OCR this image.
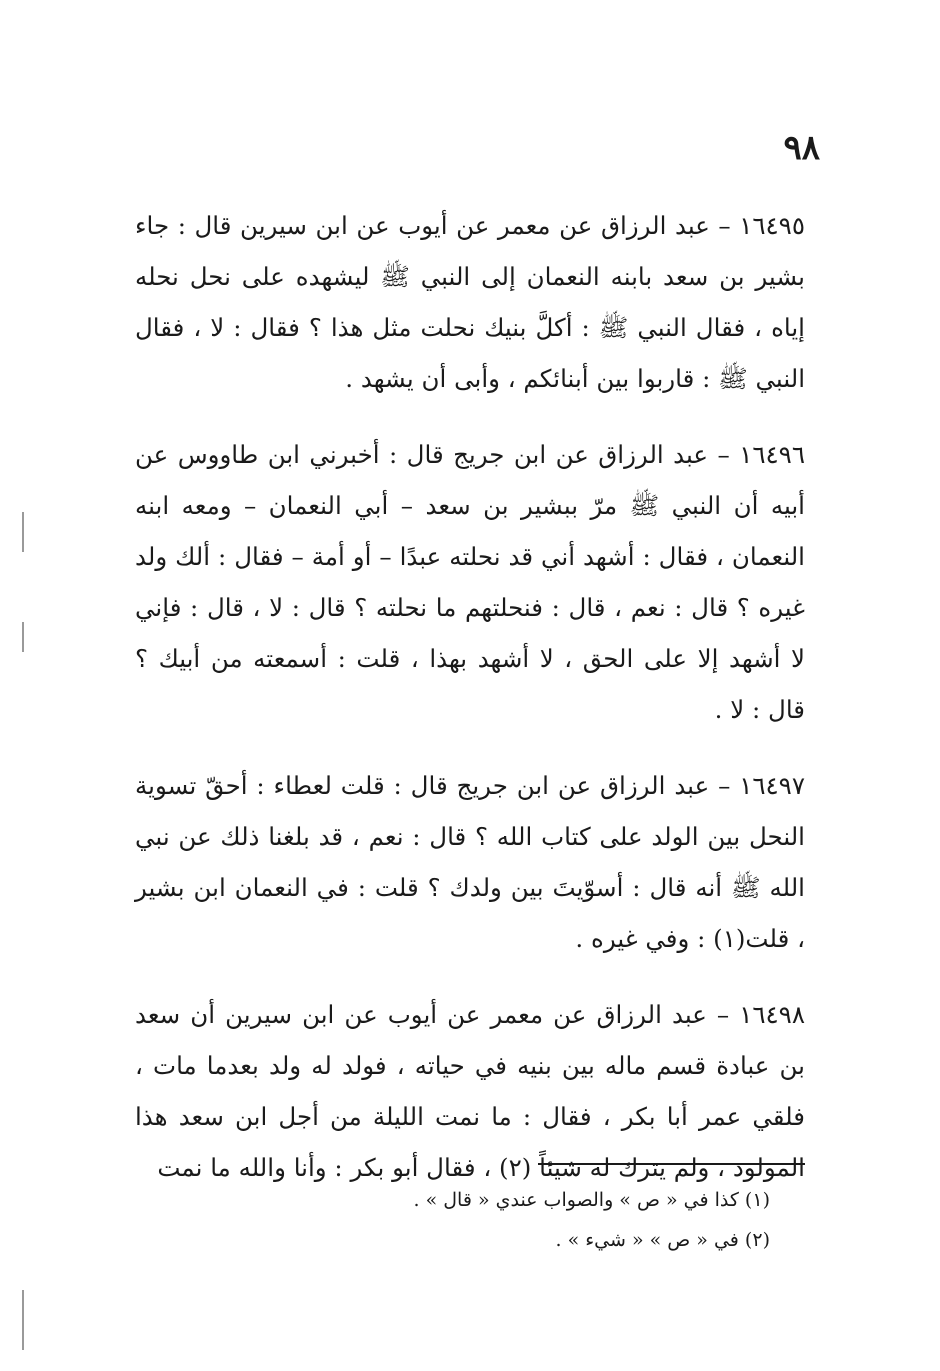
٩٨

١٦٤٩٥ – عبد الرزاق عن معمر عن أيوب عن ابن سيرين قال : جاء بشير بن سعد بابنه النعمان إلى النبي ﷺ ليشهده على نحل نحله إياه ، فقال النبي ﷺ : أكلَّ بنيك نحلت مثل هذا ؟ فقال : لا ، فقال النبي ﷺ : قاربوا بين أبنائكم ، وأبى أن يشهد .

١٦٤٩٦ – عبد الرزاق عن ابن جريج قال : أخبرني ابن طاووس عن أبيه أن النبي ﷺ مرّ ببشير بن سعد – أبي النعمان – ومعه ابنه النعمان ، فقال : أشهد أني قد نحلته عبدًا – أو أمة – فقال : ألك ولد غيره ؟ قال : نعم ، قال : فنحلتهم ما نحلته ؟ قال : لا ، قال : فإني لا أشهد إلا على الحق ، لا أشهد بهذا ، قلت : أسمعته من أبيك ؟ قال : لا .

١٦٤٩٧ – عبد الرزاق عن ابن جريج قال : قلت لعطاء : أحقّ تسوية النحل بين الولد على كتاب الله ؟ قال : نعم ، قد بلغنا ذلك عن نبي الله ﷺ أنه قال : أسوّيتَ بين ولدك ؟ قلت : في النعمان ابن بشير ، قلت(١) : وفي غيره .

١٦٤٩٨ – عبد الرزاق عن معمر عن أيوب عن ابن سيرين أن سعد بن عبادة قسم ماله بين بنيه في حياته ، فولد له ولد بعدما مات ، فلقي عمر أبا بكر ، فقال : ما نمت الليلة من أجل ابن سعد هذا المولود ، ولم يترك له شيئاً (٢) ، فقال أبو بكر : وأنا والله ما نمت

(١) كذا في « ص » والصواب عندي « قال » .

(٢) في « ص » « شيء » .
